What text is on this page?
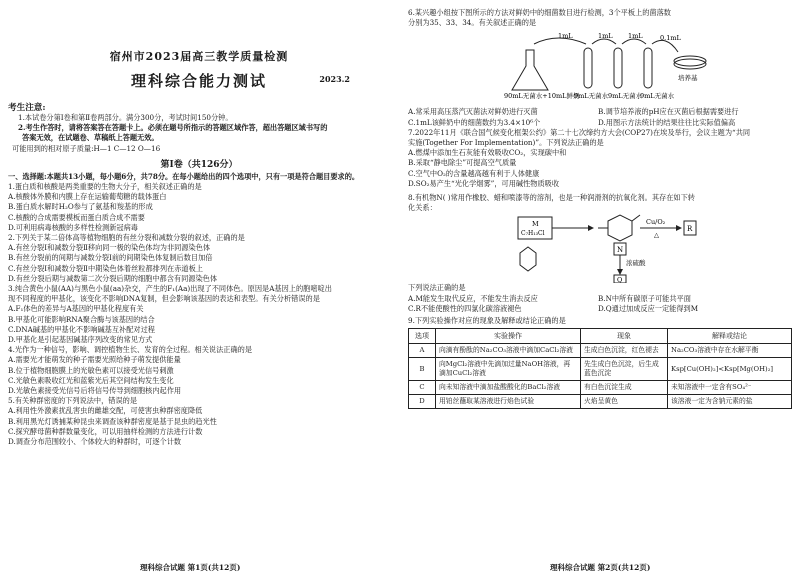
宿州市2023届高三教学质量检测
理科综合能力测试	2023.2
考生注意:
1.本试卷分第Ⅰ卷和第Ⅱ卷两部分。满分300分，考试时间150分钟。
2.考生作答时，请将答案答在答题卡上。必须在题号所指示的答题区域作答，超出答题区域书写的
答案无效，在试题卷、草稿纸上答题无效。
可能用到的相对原子质量:H—1 C—12 O—16
第Ⅰ卷（共126分）
一、选择题:本题共13小题，每小题6分，共78分。在每小题给出的四个选项中，只有一项是符合题目要求的。
1.蛋白质和核酸是两类重要的生物大分子，相关叙述正确的是
A.核酸体外膜和内膜上存在运输葡萄糖的载体蛋白
B.蛋白质水解时H₂O参与了氨基和羧基的形成
C.核酸的合成需要模板而蛋白质合成不需要
D.可利用病毒核酸的多样性检测新冠病毒
2.下列关于某二倍体高等植物细胞的有丝分裂和减数分裂的叙述，正确的是
A.有丝分裂Ⅰ和减数分裂Ⅱ移向同一极的染色体均为非同源染色体
B.有丝分裂前的间期与减数分裂Ⅰ前的间期染色体复制后数目加倍
C.有丝分裂Ⅰ和减数分裂Ⅱ中期染色体着丝粒都排列在赤道板上
D.有丝分裂后期与减数第二次分裂后期的细胞中都含有同源染色体
3.纯合黄色小鼠(AA)与黑色小鼠(aa)杂交，产生的F₁(Aa)出现了不同体色。原因是A基因上的胞嘧啶出
现不同程度的甲基化，该变化不影响DNA复制，但会影响该基因的表达和表型。有关分析错误的是
A.F₁体色的差异与A基因的甲基化程度有关
B.甲基化可能影响RNA聚合酶与该基因的结合
C.DNA碱基的甲基化不影响碱基互补配对过程
D.甲基化是引起基因碱基序列改变的常见方式
4.光作为一种信号，影响、调控植物生长、发育的全过程。相关说法正确的是
A.需要光才能萌发的种子需要光照给种子萌发提供能量
B.位于植物细胞膜上的光敏色素可以接受光信号刺激
C.光敏色素吸收红光和蓝紫光后其空间结构发生变化
D.光敏色素接受光信号后将信号传导到细胞核内起作用
5.有关种群密度的下列说法中，错误的是
A.利用性外激素扰乱害虫的雌雄交配，可使害虫种群密度降低
B.利用黑光灯诱捕某种昆虫来调查该种群密度是基于昆虫的趋光性
C.探究酵母菌种群数量变化，可以用抽样检测的方法进行计数
D.调查分布范围较小、个体较大的种群时，可逐个计数
理科综合试题 第1页(共12页)
6.某兴趣小组按下图所示的方法对鲜奶中的细菌数目进行检测，3个平板上的菌落数
分别为35、33、34。有关叙述正确的是
1mL	1mL 1mL	0.1mL
90mL无菌水+10mL鲜奶
9mL无菌水 9mL无菌水
9mL无菌水
培养基
A.常采用高压蒸汽灭菌法对鲜奶进行灭菌	B.调节培养液的pH应在灭菌后根据需要进行
C.1mL该鲜奶中的细菌数约为3.4×10⁶个	D.用图示方法统计的结果往往比实际值偏高
7.2022年11月《联合国气候变化框架公约》第二十七次缔约方大会(COP27)在埃及举行，会议主题为“共同
实施(Together For Implementation)”。下列说法正确的是
A.燃煤中添加生石灰能有效吸收CO₂，实现碳中和
B.采取“静电除尘”可提高空气质量
C.空气中O₂的含量越高越有利于人体健康
D.SO₂易产生“光化学烟雾”，可用碱性物质吸收
8.有机物N( )常用作橡胶、蜡和喷漆等的溶剂，也是一种润滑剂的抗氧化剂。其存在如下转
化关系：
M
C₇H₁₃Cl
Cu/O₂
△
R
N
浓硫酸
Q
下列说法正确的是
A.M能发生取代反应，不能发生消去反应	B.N中所有碳原子可能共平面
C.R不能使酸性的四氯化碳溶液褪色	D.Q通过加成反应一定能得到M
9.下列实验操作对应的现象及解释或结论正确的是
选项	实验操作	现象	解释或结论
A	向滴有酚酞的Na₂CO₃溶液中滴加CaCl₂溶液	生成白色沉淀，红色褪去	Na₂CO₃溶液中存在水解平衡
B	向MgCl₂溶液中先滴加过量NaOH溶液，再滴加CuCl₂溶液	先生成白色沉淀，后生成蓝色沉淀	Ksp[Cu(OH)₂]<Ksp[Mg(OH)₂]
C	向未知溶液中滴加盐酸酸化的BaCl₂溶液	有白色沉淀生成	未知溶液中一定含有SO₄²⁻
D	用铂丝蘸取某溶液进行焰色试验	火焰呈黄色	该溶液一定为含钠元素的盐
理科综合试题 第2页(共12页)
